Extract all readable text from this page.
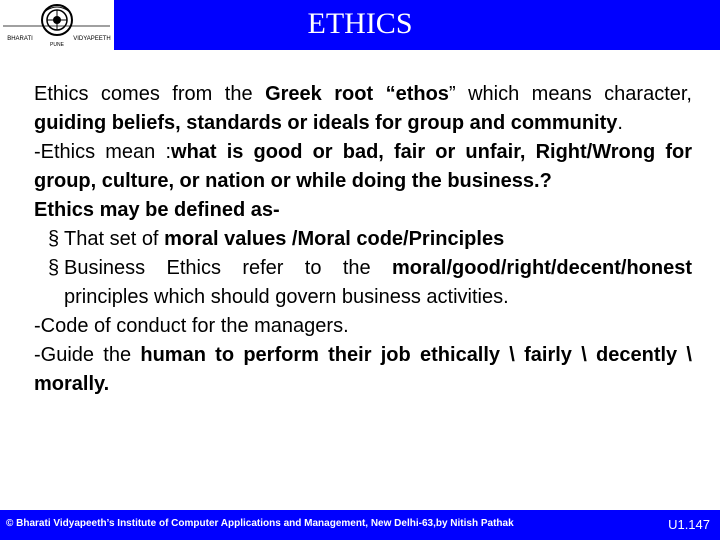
BHARATI	VIDYAPEETH
PUNE
ETHICS

Ethics comes from the Greek root “ethos” which means character, guiding beliefs, standards or ideals for group and community.

-Ethics mean :what is good or bad, fair or unfair, Right/Wrong for group, culture, or nation or while doing the business.?

Ethics may be defined as-

§ That set of moral values /Moral code/Principles

§ Business Ethics refer to the moral/good/right/decent/honest principles which should govern business activities.

-Code of conduct for the managers.

-Guide the human to perform their job ethically \ fairly \ decently \ morally.

© Bharati Vidyapeeth’s Institute of Computer Applications and Management, New Delhi-63,by Nitish Pathak	U1.147
